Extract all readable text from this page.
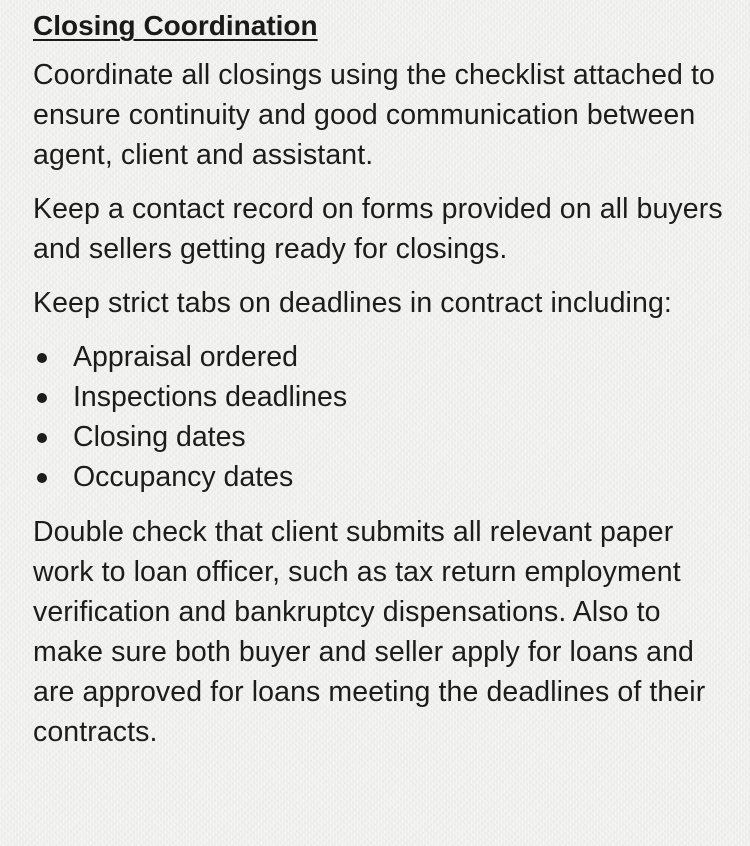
Closing Coordination

Coordinate all closings using the checklist attached to ensure continuity and good communication between agent, client and assistant.

Keep a contact record on forms provided on all buyers and sellers getting ready for closings.

Keep strict tabs on deadlines in contract including:

Appraisal ordered
Inspections deadlines
Closing dates
Occupancy dates

Double check that client submits all relevant paper work to loan officer, such as tax return employment verification and bankruptcy dispensations. Also to make sure both buyer and seller apply for loans and are approved for loans meeting the deadlines of their contracts.
